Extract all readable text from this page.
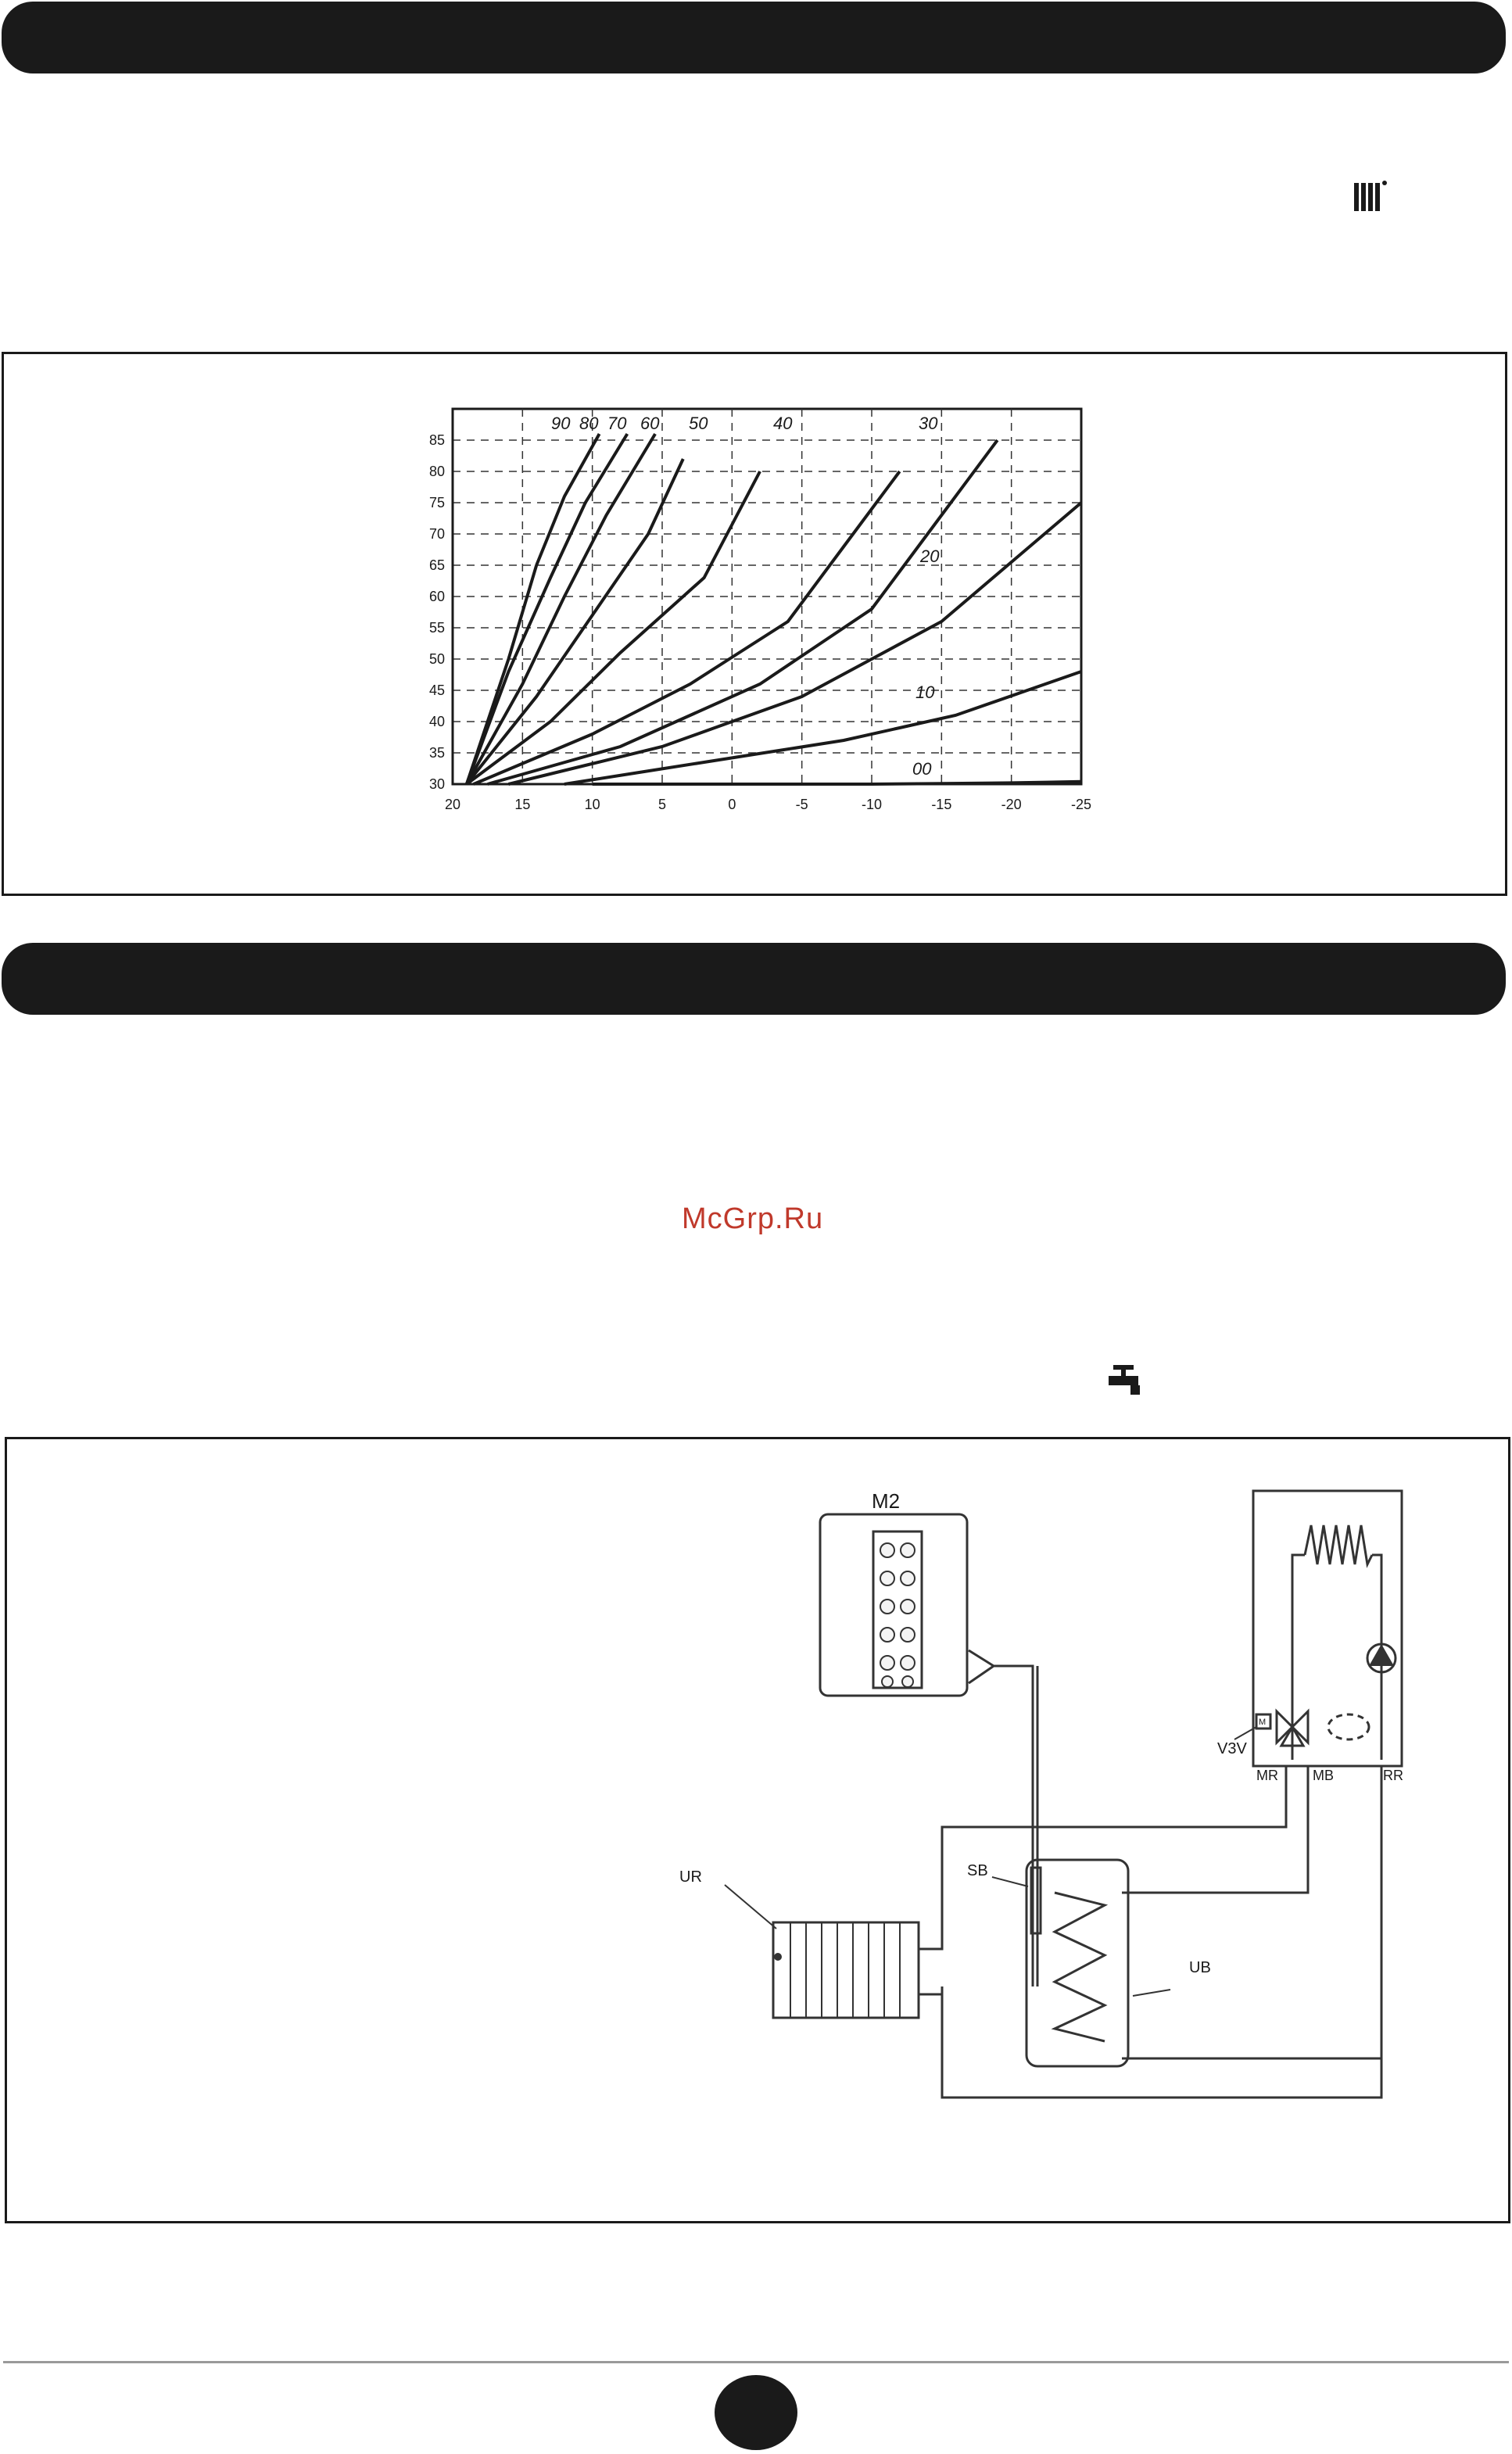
85
80
75
70
65
60
55
50
45
40
35
30
20	15	10	5	0	-5	-10	-15	-20	-25
90 80 70 60 50	40	30
20
10
00
McGrp.Ru
M2
V3V
M
MR MB	RR
UR	SB
UB
